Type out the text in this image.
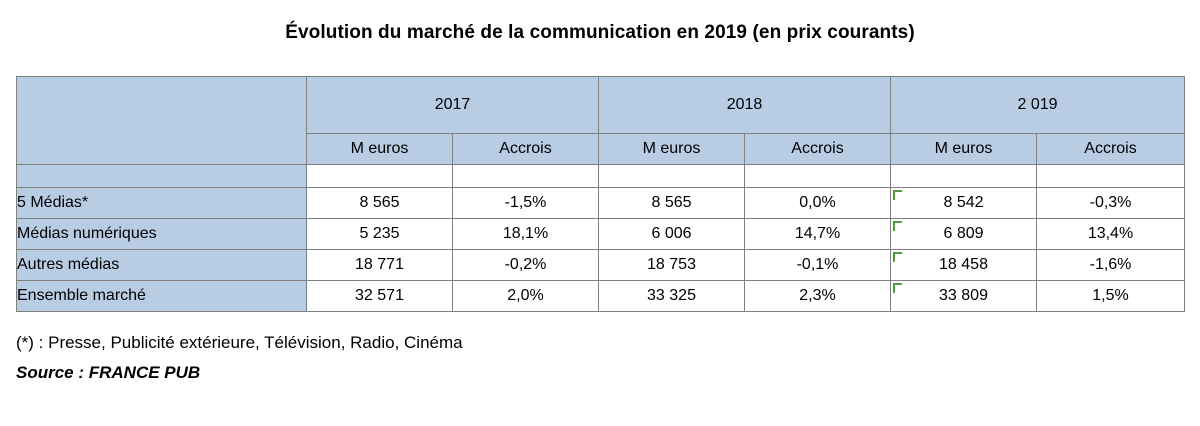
Évolution du marché de la communication en 2019 (en prix courants)
	2017		2018		2 019	
	M euros	Accrois	M euros	Accrois	M euros	Accrois

5 Médias*	8 565	-1,5%	8 565	0,0%	8 542	-0,3%
Médias numériques	5 235	18,1%	6 006	14,7%	6 809	13,4%
Autres médias	18 771	-0,2%	18 753	-0,1%	18 458	-1,6%
Ensemble marché	32 571	2,0%	33 325	2,3%	33 809	1,5%
(*) : Presse, Publicité extérieure, Télévision, Radio, Cinéma
Source : FRANCE PUB
